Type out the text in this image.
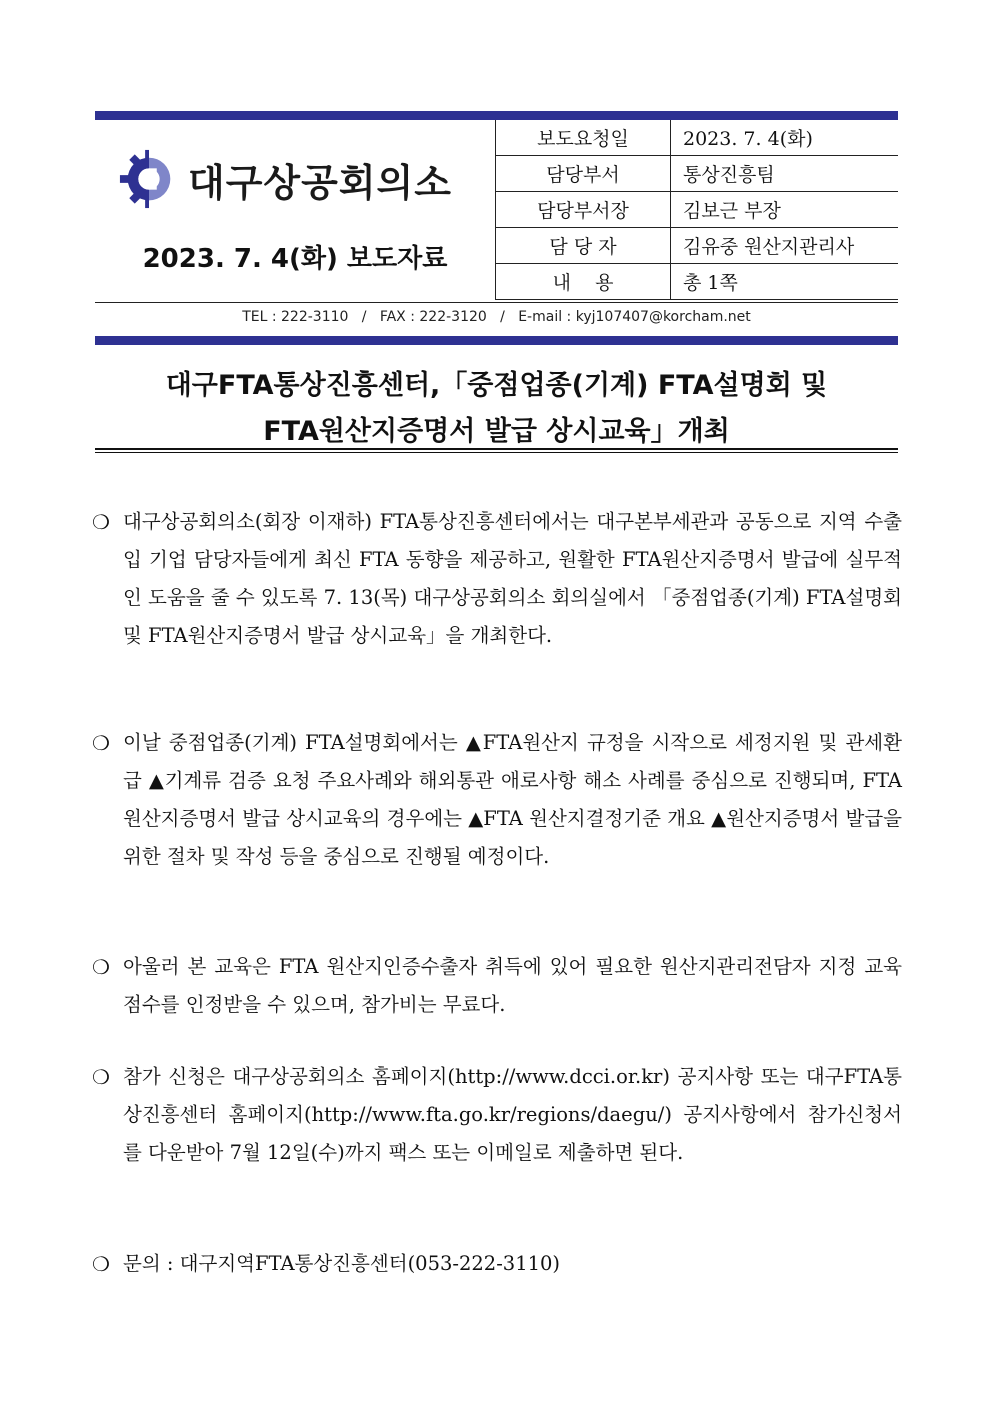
대구상공회의소
2023. 7. 4(화) 보도자료
보도요청일	2023. 7. 4(화)
담당부서	통상진흥팀
담당부서장	김보근 부장
담 당 자	김유중 원산지관리사
내    용	총 1쪽
TEL : 222-3110   /   FAX : 222-3120   /   E-mail : kyj107407@korcham.net
대구FTA통상진흥센터,「중점업종(기계) FTA설명회 및
FTA원산지증명서 발급 상시교육」개최
❍ 대구상공회의소(회장 이재하) FTA통상진흥센터에서는 대구본부세관과 공동으로 지역 수출입 기업 담당자들에게 최신 FTA 동향을 제공하고, 원활한 FTA원산지증명서 발급에 실무적인 도움을 줄 수 있도록 7. 13(목) 대구상공회의소 회의실에서 「중점업종(기계) FTA설명회 및 FTA원산지증명서 발급 상시교육」을 개최한다.
❍ 이날 중점업종(기계) FTA설명회에서는 ▲FTA원산지 규정을 시작으로 세정지원 및 관세환급 ▲기계류 검증 요청 주요사례와 해외통관 애로사항 해소 사례를 중심으로 진행되며, FTA원산지증명서 발급 상시교육의 경우에는 ▲FTA 원산지결정기준 개요 ▲원산지증명서 발급을 위한 절차 및 작성 등을 중심으로 진행될 예정이다.
❍ 아울러 본 교육은 FTA 원산지인증수출자 취득에 있어 필요한 원산지관리전담자 지정 교육점수를 인정받을 수 있으며, 참가비는 무료다.
❍ 참가 신청은 대구상공회의소 홈페이지(http://www.dcci.or.kr) 공지사항 또는 대구FTA통상진흥센터 홈페이지(http://www.fta.go.kr/regions/daegu/) 공지사항에서 참가신청서를 다운받아 7월 12일(수)까지 팩스 또는 이메일로 제출하면 된다.
❍ 문의 : 대구지역FTA통상진흥센터(053-222-3110)
